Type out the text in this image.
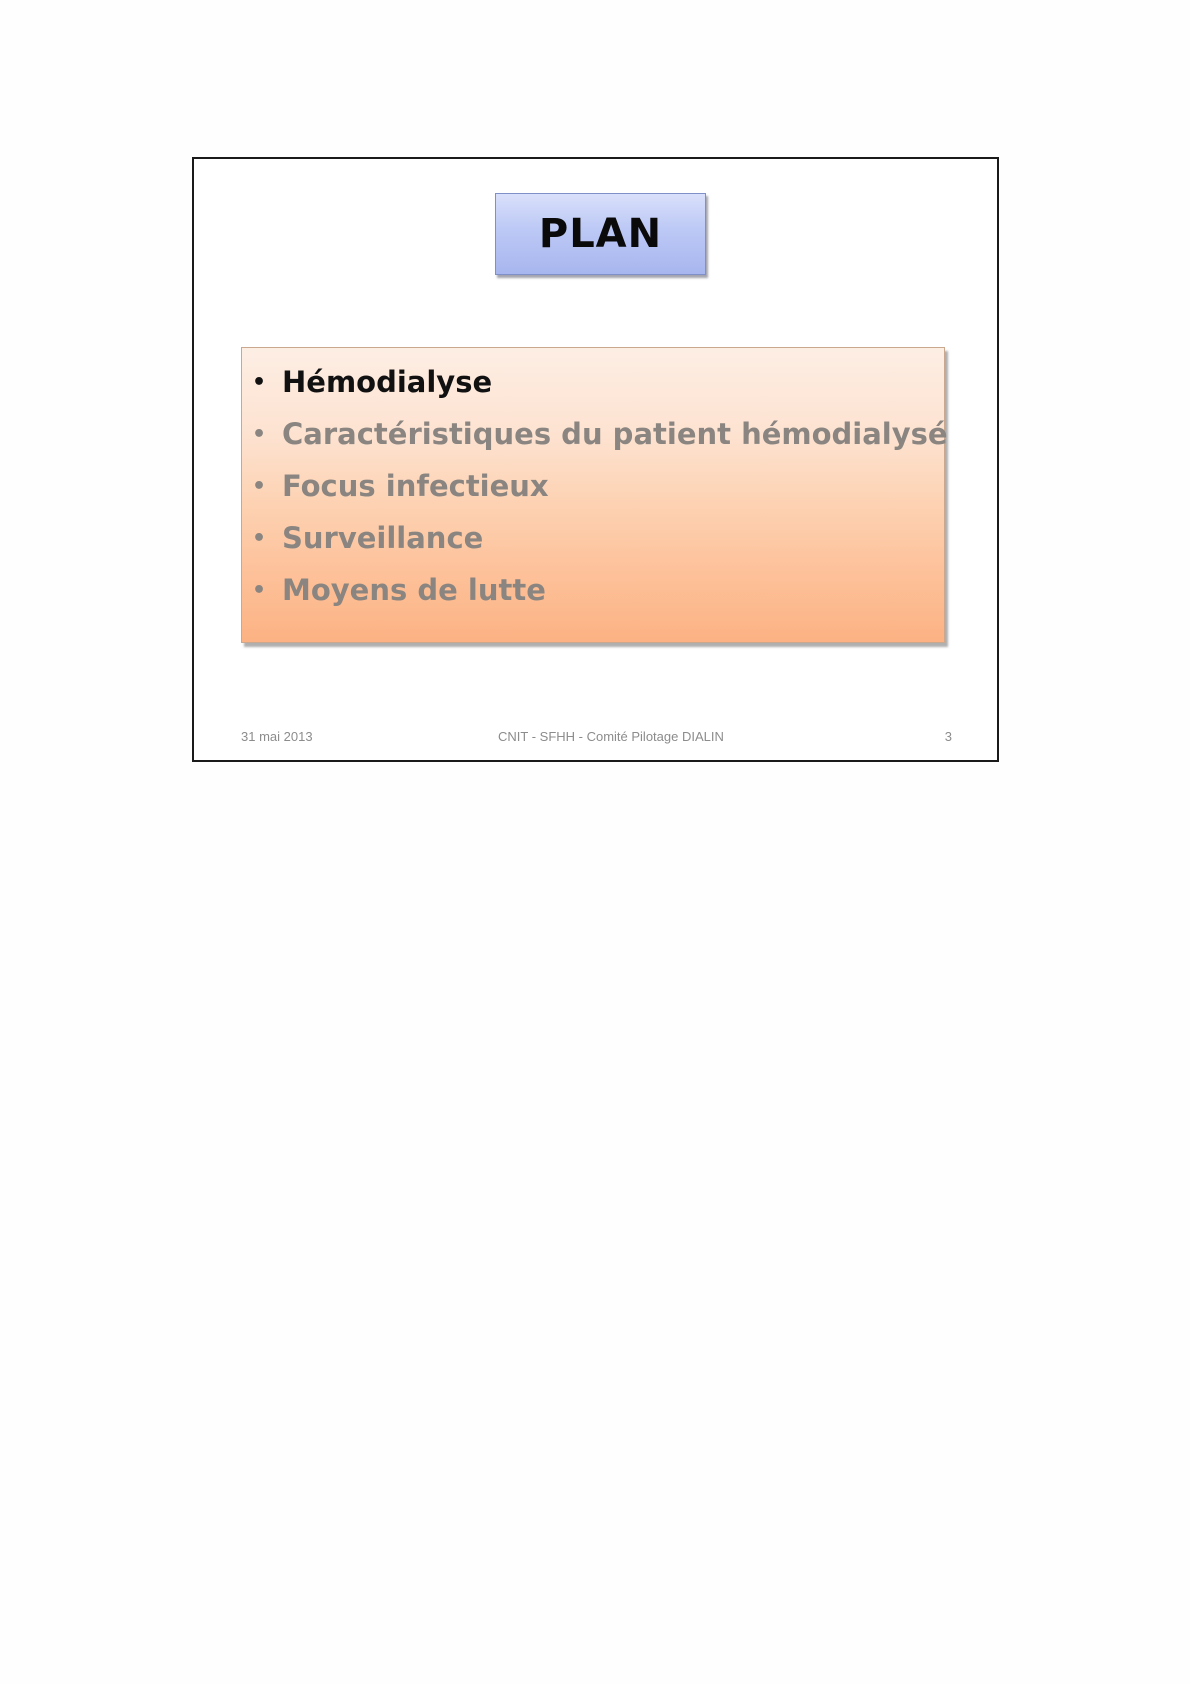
PLAN
• Hémodialyse
• Caractéristiques du patient hémodialysé
• Focus infectieux
• Surveillance
• Moyens de lutte
31 mai 2013	CNIT - SFHH - Comité Pilotage DIALIN	3
